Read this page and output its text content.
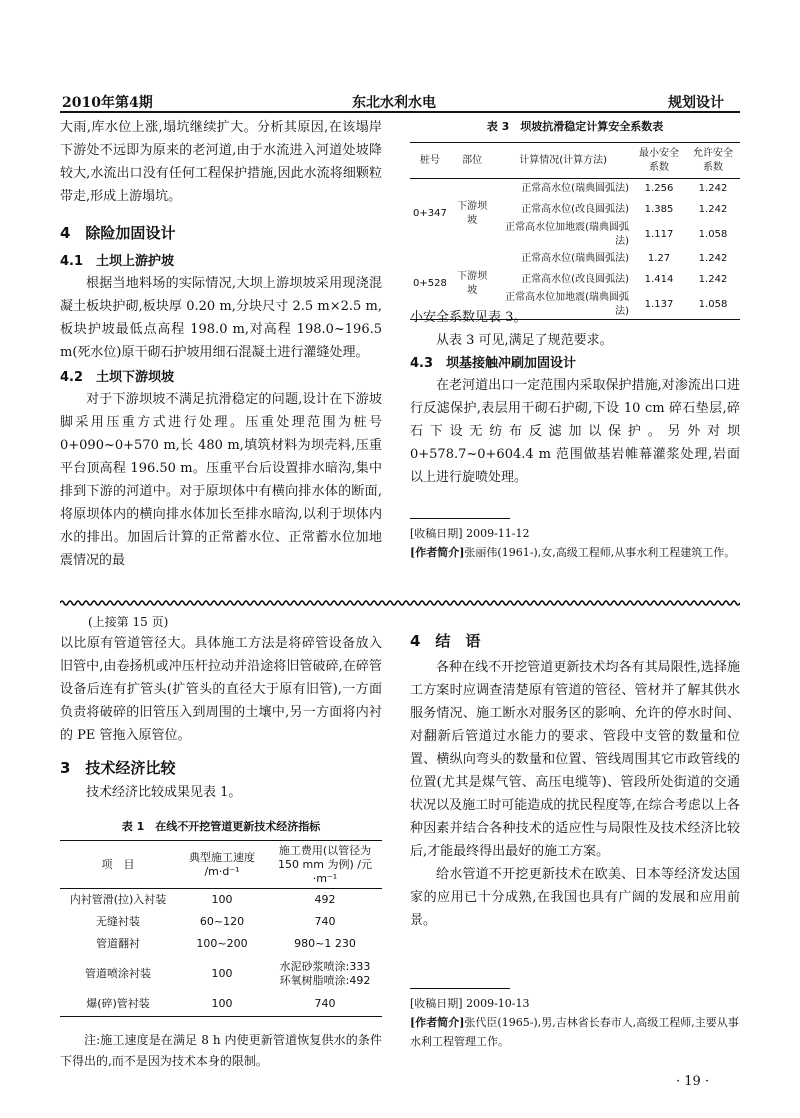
2010年第4期	东北水利水电	规划设计

大雨,库水位上涨,塌坑继续扩大。分析其原因,在该塌岸下游处不远即为原来的老河道,由于水流进入河道处坡降较大,水流出口没有任何工程保护措施,因此水流将细颗粒带走,形成上游塌坑。

4　除险加固设计
4.1　土坝上游护坡

根据当地料场的实际情况,大坝上游坝坡采用现浇混凝土板块护砌,板块厚 0.20 m,分块尺寸 2.5 m×2.5 m,板块护坡最低点高程 198.0 m,对高程 198.0~196.5 m(死水位)原干砌石护坡用细石混凝土进行灌缝处理。

4.2　土坝下游坝坡

对于下游坝坡不满足抗滑稳定的问题,设计在下游坡脚采用压重方式进行处理。压重处理范围为桩号 0+090~0+570 m,长 480 m,填筑材料为坝壳料,压重平台顶高程 196.50 m。压重平台后设置排水暗沟,集中排到下游的河道中。对于原坝体中有横向排水体的断面,将原坝体内的横向排水体加长至排水暗沟,以利于坝体内水的排出。加固后计算的正常蓄水位、正常蓄水位加地震情况的最

表 3　坝坡抗滑稳定计算安全系数表
桩号	部位	计算情况(计算方法)	最小安全系数	允许安全系数
0+347	下游坝坡	正常高水位(瑞典圆弧法)	1.256	1.242
		正常高水位(改良圆弧法)	1.385	1.242
		正常高水位加地震(瑞典圆弧法)	1.117	1.058
0+528	下游坝坡	正常高水位(瑞典圆弧法)	1.27	1.242
		正常高水位(改良圆弧法)	1.414	1.242
		正常高水位加地震(瑞典圆弧法)	1.137	1.058

小安全系数见表 3。

从表 3 可见,满足了规范要求。

4.3　坝基接触冲刷加固设计

在老河道出口一定范围内采取保护措施,对渗流出口进行反滤保护,表层用干砌石护砌,下设 10 cm 碎石垫层,碎石下设无纺布反滤加以保护。另外对坝 0+578.7~0+604.4 m 范围做基岩帷幕灌浆处理,岩面以上进行旋喷处理。

[收稿日期] 2009-11-12
[作者简介]张丽伟(1961-),女,高级工程师,从事水利工程建筑工作。
(上接第 15 页)

以比原有管道管径大。具体施工方法是将碎管设备放入旧管中,由卷扬机或冲压杆拉动并沿途将旧管破碎,在碎管设备后连有扩管头(扩管头的直径大于原有旧管),一方面负责将破碎的旧管压入到周围的土壤中,另一方面将内衬的 PE 管拖入原管位。

3　技术经济比较

技术经济比较成果见表 1。

表 1　在线不开挖管道更新技术经济指标
项　目	典型施工速度 /m·d⁻¹	施工费用(以管径为 150 mm 为例) /元·m⁻¹
内衬管滑(拉)入衬装	100	492
无缝衬装	60~120	740
管道翻衬	100~200	980~1 230
管道喷涂衬装	100	水泥砂浆喷涂:333
环氧树脂喷涂:492
爆(碎)管衬装	100	740

注:施工速度是在满足 8 h 内使更新管道恢复供水的条件下得出的,而不是因为技术本身的限制。

4　结　语

各种在线不开挖管道更新技术均各有其局限性,选择施工方案时应调查清楚原有管道的管径、管材并了解其供水服务情况、施工断水对服务区的影响、允许的停水时间、对翻新后管道过水能力的要求、管段中支管的数量和位置、横纵向弯头的数量和位置、管线周围其它市政管线的位置(尤其是煤气管、高压电缆等)、管段所处街道的交通状况以及施工时可能造成的扰民程度等,在综合考虑以上各种因素并结合各种技术的适应性与局限性及技术经济比较后,才能最终得出最好的施工方案。

给水管道不开挖更新技术在欧美、日本等经济发达国家的应用已十分成熟,在我国也具有广阔的发展和应用前景。

[收稿日期] 2009-10-13
[作者简介]张代臣(1965-),男,吉林省长春市人,高级工程师,主要从事水利工程管理工作。
· 19 ·
